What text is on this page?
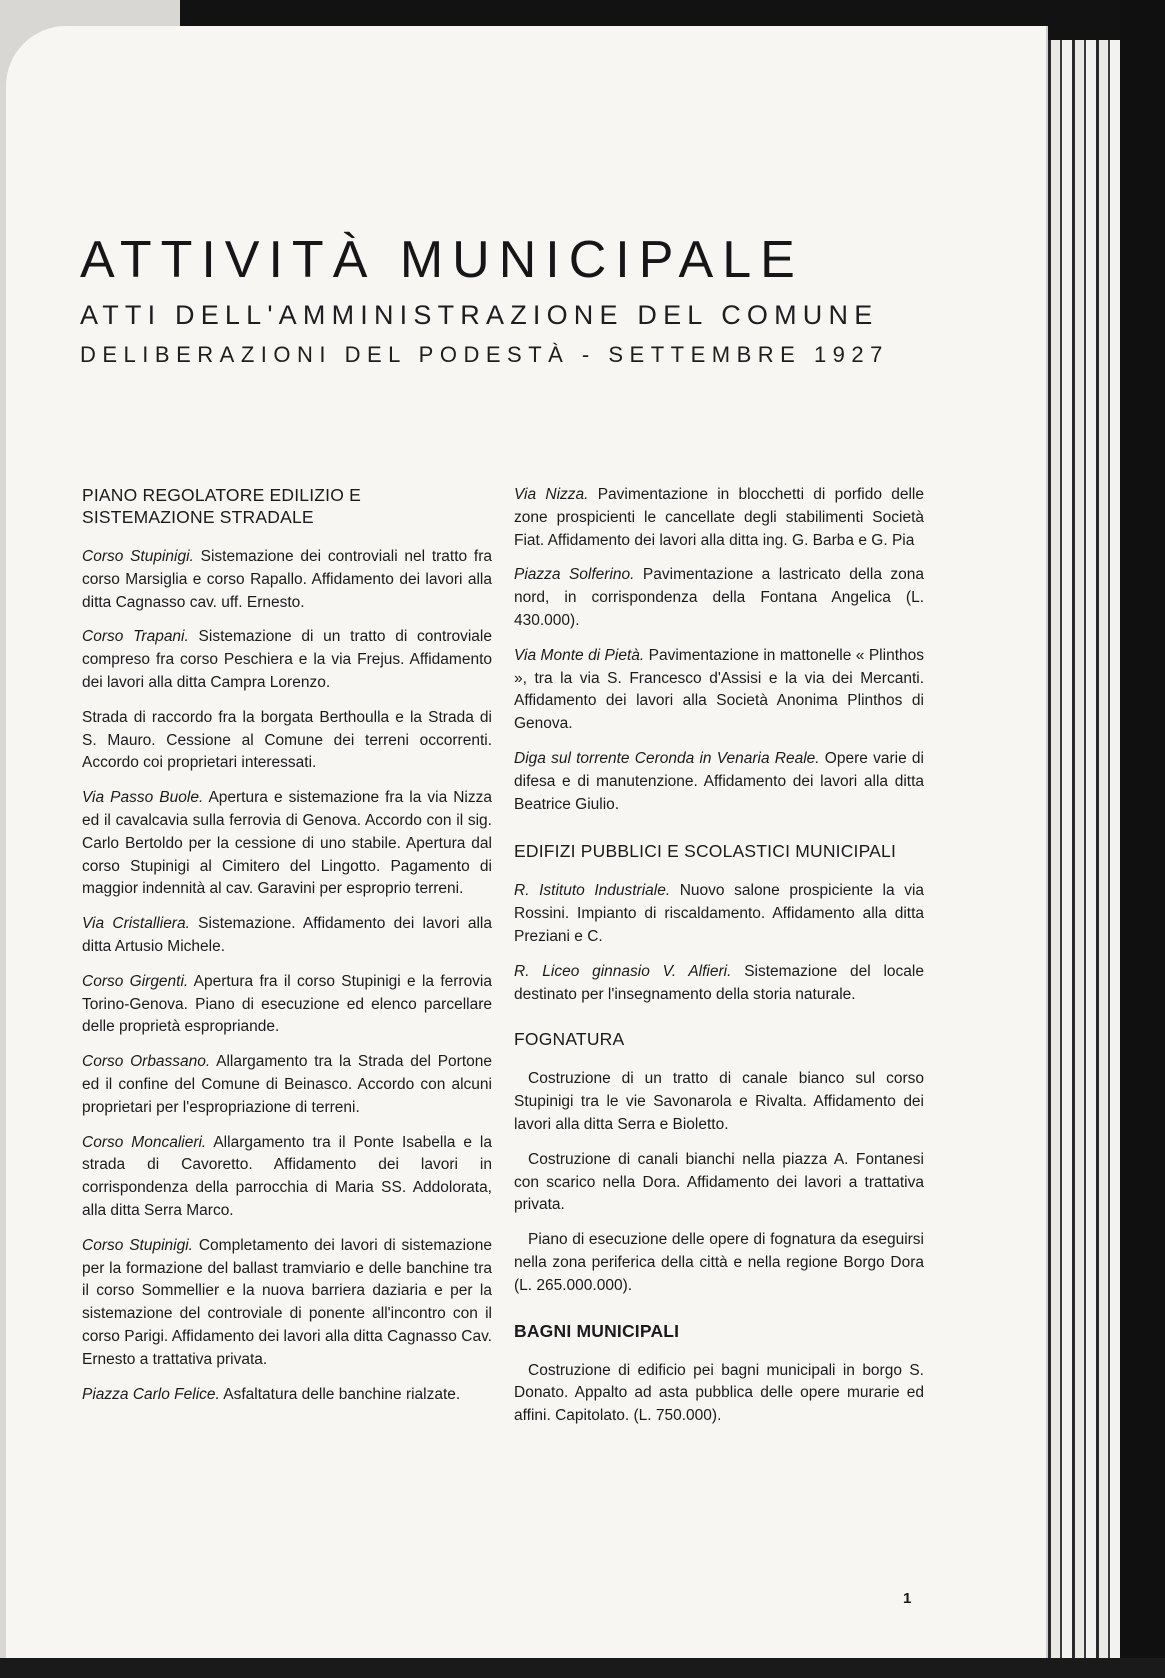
ATTIVITÀ MUNICIPALE
ATTI DELL'AMMINISTRAZIONE DEL COMUNE
DELIBERAZIONI DEL PODESTÀ - SETTEMBRE 1927
PIANO REGOLATORE EDILIZIO E SISTEMAZIONE STRADALE

Corso Stupinigi. Sistemazione dei controviali nel tratto fra corso Marsiglia e corso Rapallo. Affidamento dei lavori alla ditta Cagnasso cav. uff. Ernesto.

Corso Trapani. Sistemazione di un tratto di controviale compreso fra corso Peschiera e la via Frejus. Affidamento dei lavori alla ditta Campra Lorenzo.

Strada di raccordo fra la borgata Berthoulla e la Strada di S. Mauro. Cessione al Comune dei terreni occorrenti. Accordo coi proprietari interessati.

Via Passo Buole. Apertura e sistemazione fra la via Nizza ed il cavalcavia sulla ferrovia di Genova. Accordo con il sig. Carlo Bertoldo per la cessione di uno stabile. Apertura dal corso Stupinigi al Cimitero del Lingotto. Pagamento di maggior indennità al cav. Garavini per esproprio terreni.

Via Cristalliera. Sistemazione. Affidamento dei lavori alla ditta Artusio Michele.

Corso Girgenti. Apertura fra il corso Stupinigi e la ferrovia Torino-Genova. Piano di esecuzione ed elenco parcellare delle proprietà espropriande.

Corso Orbassano. Allargamento tra la Strada del Portone ed il confine del Comune di Beinasco. Accordo con alcuni proprietari per l'espropriazione di terreni.

Corso Moncalieri. Allargamento tra il Ponte Isabella e la strada di Cavoretto. Affidamento dei lavori in corrispondenza della parrocchia di Maria SS. Addolorata, alla ditta Serra Marco.

Corso Stupinigi. Completamento dei lavori di sistemazione per la formazione del ballast tramviario e delle banchine tra il corso Sommellier e la nuova barriera daziaria e per la sistemazione del controviale di ponente all'incontro con il corso Parigi. Affidamento dei lavori alla ditta Cagnasso Cav. Ernesto a trattativa privata.

Piazza Carlo Felice. Asfaltatura delle banchine rialzate.

Via Nizza. Pavimentazione in blocchetti di porfido delle zone prospicienti le cancellate degli stabilimenti Società Fiat. Affidamento dei lavori alla ditta ing. G. Barba e G. Pia

Piazza Solferino. Pavimentazione a lastricato della zona nord, in corrispondenza della Fontana Angelica (L. 430.000).

Via Monte di Pietà. Pavimentazione in mattonelle « Plinthos », tra la via S. Francesco d'Assisi e la via dei Mercanti. Affidamento dei lavori alla Società Anonima Plinthos di Genova.

Diga sul torrente Ceronda in Venaria Reale. Opere varie di difesa e di manutenzione. Affidamento dei lavori alla ditta Beatrice Giulio.

EDIFIZI PUBBLICI E SCOLASTICI MUNICIPALI

R. Istituto Industriale. Nuovo salone prospiciente la via Rossini. Impianto di riscaldamento. Affidamento alla ditta Preziani e C.

R. Liceo ginnasio V. Alfieri. Sistemazione del locale destinato per l'insegnamento della storia naturale.

FOGNATURA

Costruzione di un tratto di canale bianco sul corso Stupinigi tra le vie Savonarola e Rivalta. Affidamento dei lavori alla ditta Serra e Bioletto.

Costruzione di canali bianchi nella piazza A. Fontanesi con scarico nella Dora. Affidamento dei lavori a trattativa privata.

Piano di esecuzione delle opere di fognatura da eseguirsi nella zona periferica della città e nella regione Borgo Dora (L. 265.000.000).

BAGNI MUNICIPALI

Costruzione di edificio pei bagni municipali in borgo S. Donato. Appalto ad asta pubblica delle opere murarie ed affini. Capitolato. (L. 750.000).

1
